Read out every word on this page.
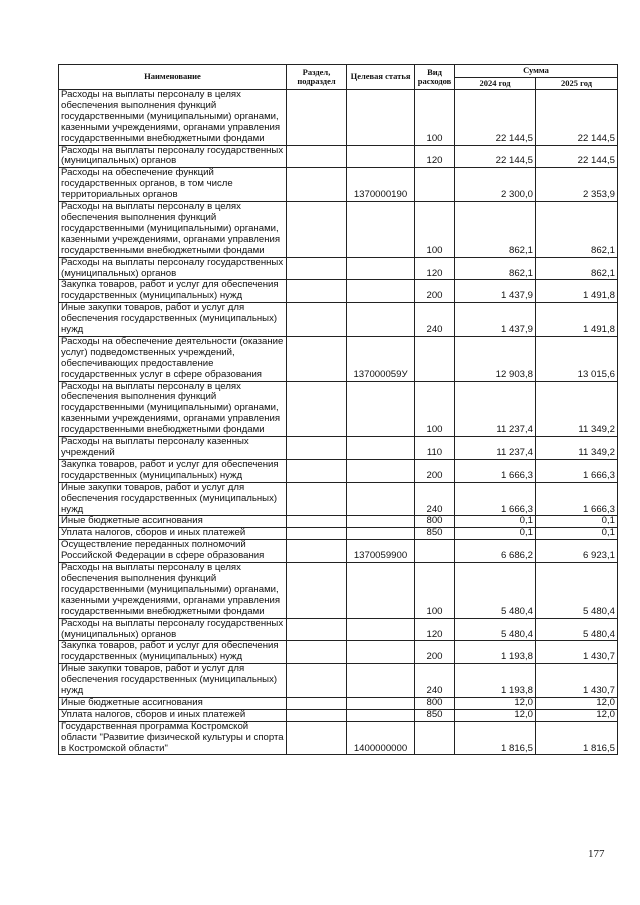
Наименование	Раздел, подраздел	Целевая статья	Вид расходов	Сумма	
				2024 год	2025 год
Расходы на выплаты персоналу в целях обеспечения выполнения функций государственными (муниципальными) органами, казенными учреждениями, органами управления государственными внебюджетными фондами			100	22 144,5	22 144,5
Расходы на выплаты персоналу государственных (муниципальных) органов			120	22 144,5	22 144,5
Расходы на обеспечение функций государственных органов, в том числе территориальных органов		1370000190		2 300,0	2 353,9
Расходы на выплаты персоналу в целях обеспечения выполнения функций государственными (муниципальными) органами, казенными учреждениями, органами управления государственными внебюджетными фондами			100	862,1	862,1
Расходы на выплаты персоналу государственных (муниципальных) органов			120	862,1	862,1
Закупка товаров, работ и услуг для обеспечения государственных (муниципальных) нужд			200	1 437,9	1 491,8
Иные закупки товаров, работ и услуг для обеспечения государственных (муниципальных) нужд			240	1 437,9	1 491,8
Расходы на обеспечение деятельности (оказание услуг) подведомственных учреждений, обеспечивающих предоставление государственных услуг в сфере образования		137000059У		12 903,8	13 015,6
Расходы на выплаты персоналу в целях обеспечения выполнения функций государственными (муниципальными) органами, казенными учреждениями, органами управления государственными внебюджетными фондами			100	11 237,4	11 349,2
Расходы на выплаты персоналу казенных учреждений			110	11 237,4	11 349,2
Закупка товаров, работ и услуг для обеспечения государственных (муниципальных) нужд			200	1 666,3	1 666,3
Иные закупки товаров, работ и услуг для обеспечения государственных (муниципальных) нужд			240	1 666,3	1 666,3
Иные бюджетные ассигнования			800	0,1	0,1
Уплата налогов, сборов и иных платежей			850	0,1	0,1
Осуществление переданных полномочий Российской Федерации в сфере образования		1370059900		6 686,2	6 923,1
Расходы на выплаты персоналу в целях обеспечения выполнения функций государственными (муниципальными) органами, казенными учреждениями, органами управления государственными внебюджетными фондами			100	5 480,4	5 480,4
Расходы на выплаты персоналу государственных (муниципальных) органов			120	5 480,4	5 480,4
Закупка товаров, работ и услуг для обеспечения государственных (муниципальных) нужд			200	1 193,8	1 430,7
Иные закупки товаров, работ и услуг для обеспечения государственных (муниципальных) нужд			240	1 193,8	1 430,7
Иные бюджетные ассигнования			800	12,0	12,0
Уплата налогов, сборов и иных платежей			850	12,0	12,0
Государственная программа Костромской области "Развитие физической культуры и спорта в Костромской области"		1400000000		1 816,5	1 816,5
177
